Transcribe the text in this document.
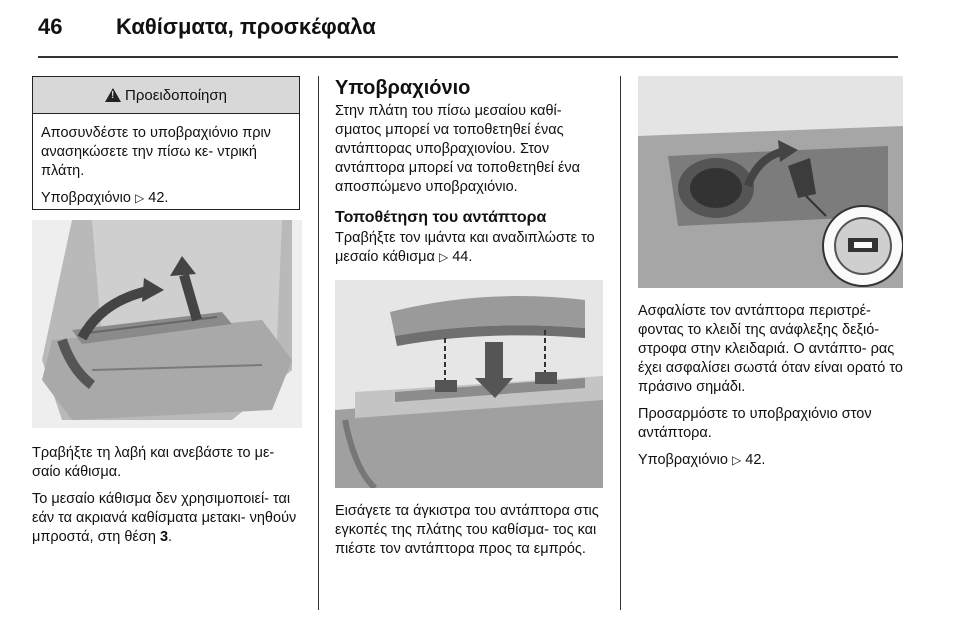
46 Καθίσματα, προσκέφαλα
!
Προειδοποίηση

Αποσυνδέστε το υποβραχιόνιο πριν ανασηκώσετε την πίσω κε‐ ντρική πλάτη.

Υποβραχιόνιο ▷ 42.

Τραβήξτε τη λαβή και ανεβάστε το με‐ σαίο κάθισμα.

Το μεσαίο κάθισμα δεν χρησιμοποιεί‐ ται εάν τα ακριανά καθίσματα μετακι‐ νηθούν μπροστά, στη θέση 3.

Υποβραχιόνιο

Στην πλάτη του πίσω μεσαίου καθί‐ σματος μπορεί να τοποθετηθεί ένας αντάπτορας υποβραχιονίου. Στον αντάπτορα μπορεί να τοποθετηθεί ένα αποσπώμενο υποβραχιόνιο.

Τοποθέτηση του αντάπτορα

Τραβήξτε τον ιμάντα και αναδιπλώστε το μεσαίο κάθισμα ▷ 44.

Εισάγετε τα άγκιστρα του αντάπτορα στις εγκοπές της πλάτης του καθίσμα‐ τος και πιέστε τον αντάπτορα προς τα εμπρός.

Ασφαλίστε τον αντάπτορα περιστρέ‐ φοντας το κλειδί της ανάφλεξης δεξιό‐ στροφα στην κλειδαριά. Ο αντάπτο‐ ρας έχει ασφαλίσει σωστά όταν είναι ορατό το πράσινο σημάδι.

Προσαρμόστε το υποβραχιόνιο στον αντάπτορα.

Υποβραχιόνιο ▷ 42.
